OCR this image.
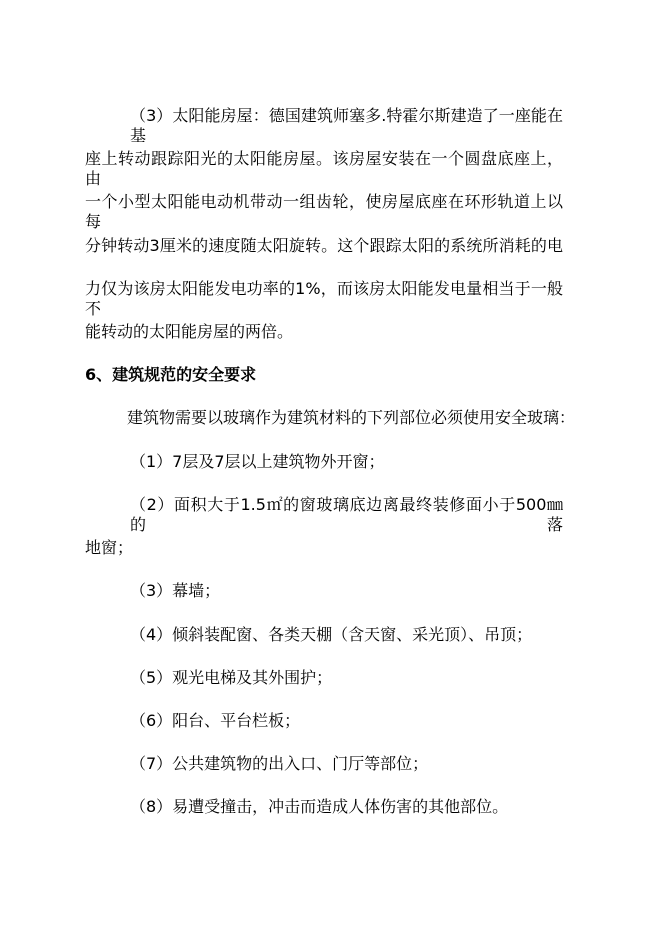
（3）太阳能房屋：德国建筑师塞多.特霍尔斯建造了一座能在基
座上转动跟踪阳光的太阳能房屋。该房屋安装在一个圆盘底座上，由
一个小型太阳能电动机带动一组齿轮，使房屋底座在环形轨道上以每
分钟转动3厘米的速度随太阳旋转。这个跟踪太阳的系统所消耗的电
力仅为该房太阳能发电功率的1%，而该房太阳能发电量相当于一般不
能转动的太阳能房屋的两倍。
6、建筑规范的安全要求
建筑物需要以玻璃作为建筑材料的下列部位必须使用安全玻璃：
（1）7层及7层以上建筑物外开窗；
（2）面积大于1.5㎡的窗玻璃底边离最终装修面小于500㎜的落
地窗；
（3）幕墙；
（4）倾斜装配窗、各类天棚（含天窗、采光顶）、吊顶；
（5）观光电梯及其外围护；
（6）阳台、平台栏板；
（7）公共建筑物的出入口、门厅等部位；
（8）易遭受撞击，冲击而造成人体伤害的其他部位。
